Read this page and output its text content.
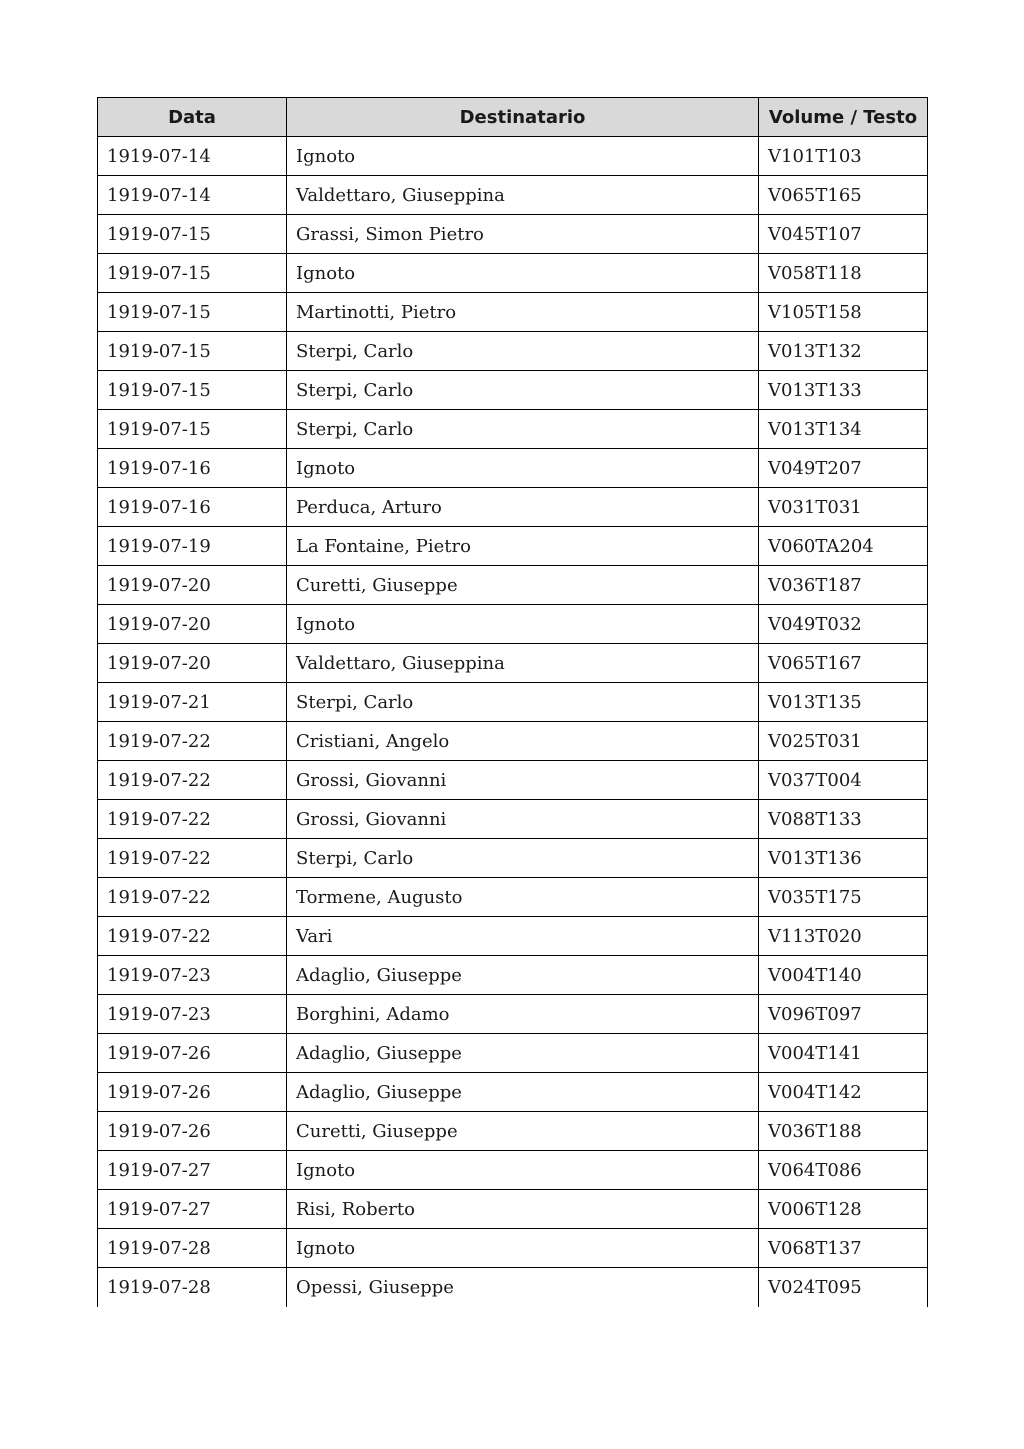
Data	Destinatario	Volume / Testo
1919-07-14	Ignoto	V101T103
1919-07-14	Valdettaro, Giuseppina	V065T165
1919-07-15	Grassi, Simon Pietro	V045T107
1919-07-15	Ignoto	V058T118
1919-07-15	Martinotti, Pietro	V105T158
1919-07-15	Sterpi, Carlo	V013T132
1919-07-15	Sterpi, Carlo	V013T133
1919-07-15	Sterpi, Carlo	V013T134
1919-07-16	Ignoto	V049T207
1919-07-16	Perduca, Arturo	V031T031
1919-07-19	La Fontaine, Pietro	V060TA204
1919-07-20	Curetti, Giuseppe	V036T187
1919-07-20	Ignoto	V049T032
1919-07-20	Valdettaro, Giuseppina	V065T167
1919-07-21	Sterpi, Carlo	V013T135
1919-07-22	Cristiani, Angelo	V025T031
1919-07-22	Grossi, Giovanni	V037T004
1919-07-22	Grossi, Giovanni	V088T133
1919-07-22	Sterpi, Carlo	V013T136
1919-07-22	Tormene, Augusto	V035T175
1919-07-22	Vari	V113T020
1919-07-23	Adaglio, Giuseppe	V004T140
1919-07-23	Borghini, Adamo	V096T097
1919-07-26	Adaglio, Giuseppe	V004T141
1919-07-26	Adaglio, Giuseppe	V004T142
1919-07-26	Curetti, Giuseppe	V036T188
1919-07-27	Ignoto	V064T086
1919-07-27	Risi, Roberto	V006T128
1919-07-28	Ignoto	V068T137
1919-07-28	Opessi, Giuseppe	V024T095
